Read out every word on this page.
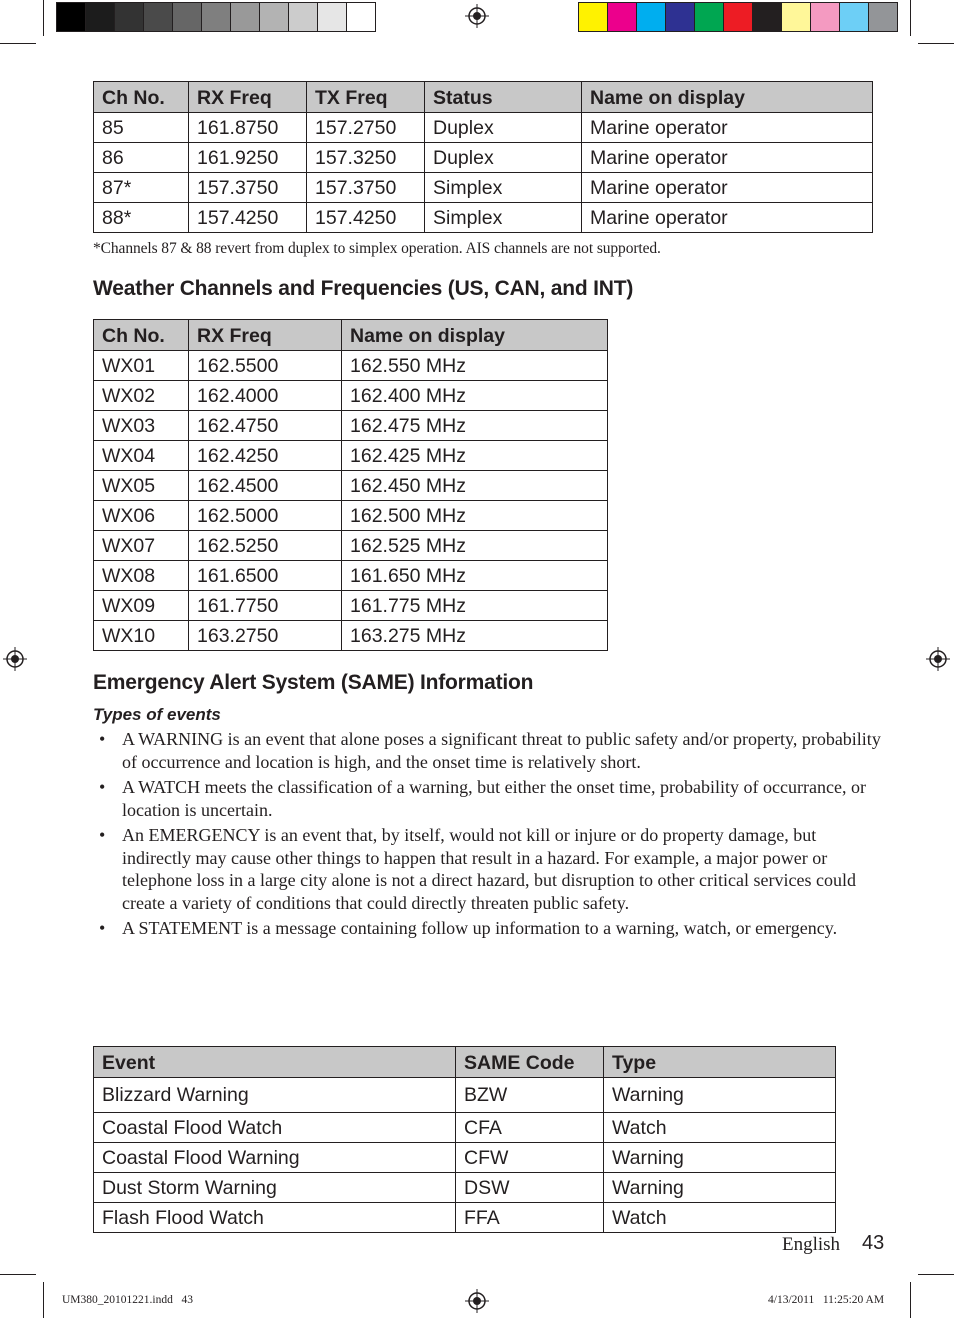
Ch No.	RX Freq	TX Freq	Status	Name on display
85	161.8750	157.2750	Duplex	Marine operator
86	161.9250	157.3250	Duplex	Marine operator
87*	157.3750	157.3750	Simplex	Marine operator
88*	157.4250	157.4250	Simplex	Marine operator
*Channels 87 & 88 revert from duplex to simplex operation. AIS channels are not supported.
Weather Channels and Frequencies (US, CAN, and INT)
Ch No.	RX Freq	Name on display
WX01	162.5500	162.550 MHz
WX02	162.4000	162.400 MHz
WX03	162.4750	162.475 MHz
WX04	162.4250	162.425 MHz
WX05	162.4500	162.450 MHz
WX06	162.5000	162.500 MHz
WX07	162.5250	162.525 MHz
WX08	161.6500	161.650 MHz
WX09	161.7750	161.775 MHz
WX10	163.2750	163.275 MHz
Emergency Alert System (SAME) Information

Types of events

• A WARNING is an event that alone poses a significant threat to public safety and/or property, probability of occurrence and location is high, and the onset time is relatively short.
• A WATCH meets the classification of a warning, but either the onset time, probability of occurrance, or location is uncertain.
• An EMERGENCY is an event that, by itself, would not kill or injure or do property damage, but indirectly may cause other things to happen that result in a hazard. For example, a major power or telephone loss in a large city alone is not a direct hazard, but disruption to other critical services could create a variety of conditions that could directly threaten public safety.
• A STATEMENT is a message containing follow up information to a warning, watch, or emergency.
Event	SAME Code	Type
Blizzard Warning	BZW	Warning
Coastal Flood Watch	CFA	Watch
Coastal Flood Warning	CFW	Warning
Dust Storm Warning	DSW	Warning
Flash Flood Watch	FFA	Watch
English 43
UM380_20101221.indd   43	4/13/2011   11:25:20 AM
